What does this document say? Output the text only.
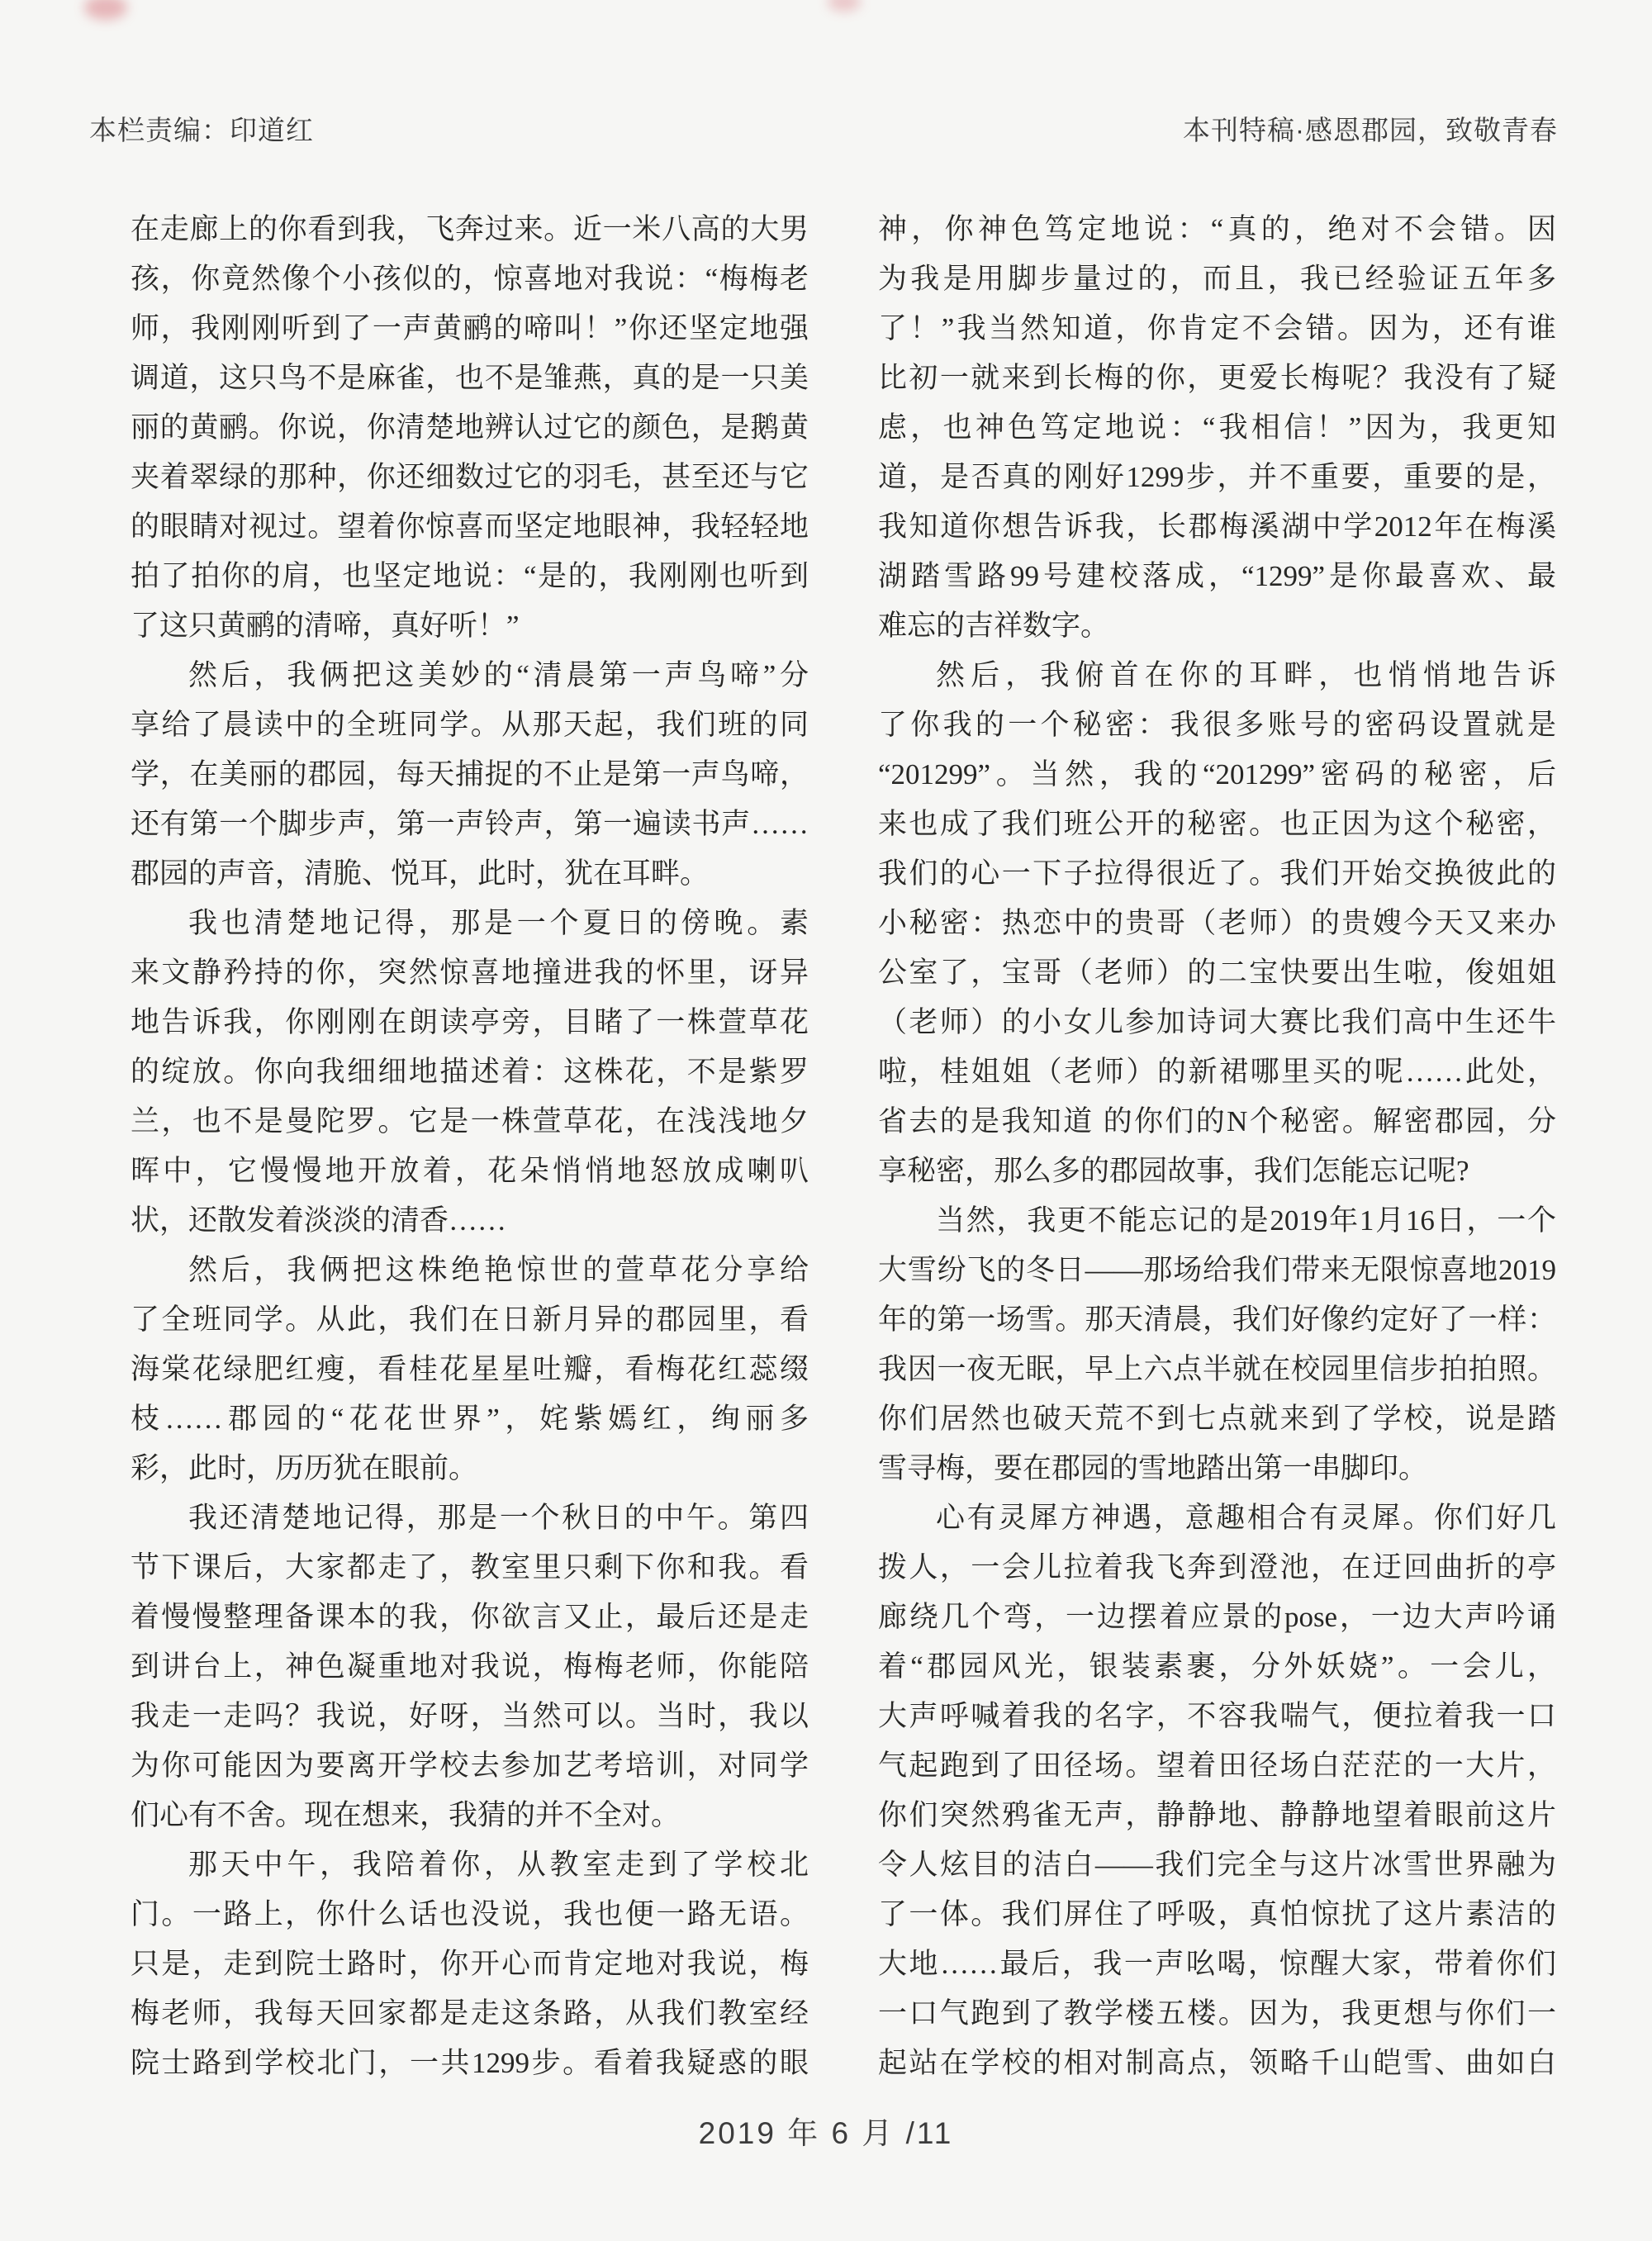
本栏责编：印道红	本刊特稿·感恩郡园，致敬青春
在走廊上的你看到我，飞奔过来。近一米八高的大男
孩，你竟然像个小孩似的，惊喜地对我说：“梅梅老
师，我刚刚听到了一声黄鹂的啼叫！”你还坚定地强
调道，这只鸟不是麻雀，也不是雏燕，真的是一只美
丽的黄鹂。你说，你清楚地辨认过它的颜色，是鹅黄
夹着翠绿的那种，你还细数过它的羽毛，甚至还与它
的眼睛对视过。望着你惊喜而坚定地眼神，我轻轻地
拍了拍你的肩，也坚定地说：“是的，我刚刚也听到
了这只黄鹂的清啼，真好听！”
然后，我俩把这美妙的“清晨第一声鸟啼”分
享给了晨读中的全班同学。从那天起，我们班的同
学，在美丽的郡园，每天捕捉的不止是第一声鸟啼，
还有第一个脚步声，第一声铃声，第一遍读书声……
郡园的声音，清脆、悦耳，此时，犹在耳畔。
我也清楚地记得，那是一个夏日的傍晚。素
来文静矜持的你，突然惊喜地撞进我的怀里，讶异
地告诉我，你刚刚在朗读亭旁，目睹了一株萱草花
的绽放。你向我细细地描述着：这株花，不是紫罗
兰，也不是曼陀罗。它是一株萱草花，在浅浅地夕
晖中，它慢慢地开放着，花朵悄悄地怒放成喇叭
状，还散发着淡淡的清香……
然后，我俩把这株绝艳惊世的萱草花分享给
了全班同学。从此，我们在日新月异的郡园里，看
海棠花绿肥红瘦，看桂花星星吐瓣，看梅花红蕊缀
枝……郡园的“花花世界”，姹紫嫣红，绚丽多
彩，此时，历历犹在眼前。
我还清楚地记得，那是一个秋日的中午。第四
节下课后，大家都走了，教室里只剩下你和我。看
着慢慢整理备课本的我，你欲言又止，最后还是走
到讲台上，神色凝重地对我说，梅梅老师，你能陪
我走一走吗？我说，好呀，当然可以。当时，我以
为你可能因为要离开学校去参加艺考培训，对同学
们心有不舍。现在想来，我猜的并不全对。
那天中午，我陪着你，从教室走到了学校北
门。一路上，你什么话也没说，我也便一路无语。
只是，走到院士路时，你开心而肯定地对我说，梅
梅老师，我每天回家都是走这条路，从我们教室经
院士路到学校北门，一共1299步。看着我疑惑的眼
神，你神色笃定地说：“真的，绝对不会错。因
为我是用脚步量过的，而且，我已经验证五年多
了！”我当然知道，你肯定不会错。因为，还有谁
比初一就来到长梅的你，更爱长梅呢？我没有了疑
虑，也神色笃定地说：“我相信！”因为，我更知
道，是否真的刚好1299步，并不重要，重要的是，
我知道你想告诉我，长郡梅溪湖中学2012年在梅溪
湖踏雪路99号建校落成，“1299”是你最喜欢、最
难忘的吉祥数字。
然后，我俯首在你的耳畔，也悄悄地告诉
了你我的一个秘密：我很多账号的密码设置就是
“201299”。当然，我的“201299”密码的秘密，后
来也成了我们班公开的秘密。也正因为这个秘密，
我们的心一下子拉得很近了。我们开始交换彼此的
小秘密：热恋中的贵哥（老师）的贵嫂今天又来办
公室了，宝哥（老师）的二宝快要出生啦，俊姐姐
（老师）的小女儿参加诗词大赛比我们高中生还牛
啦，桂姐姐（老师）的新裙哪里买的呢……此处，
省去的是我知道 的你们的N个秘密。解密郡园，分
享秘密，那么多的郡园故事，我们怎能忘记呢?
当然，我更不能忘记的是2019年1月16日，一个
大雪纷飞的冬日——那场给我们带来无限惊喜地2019
年的第一场雪。那天清晨，我们好像约定好了一样：
我因一夜无眠，早上六点半就在校园里信步拍拍照。
你们居然也破天荒不到七点就来到了学校，说是踏
雪寻梅，要在郡园的雪地踏出第一串脚印。
心有灵犀方神遇，意趣相合有灵犀。你们好几
拨人，一会儿拉着我飞奔到澄池，在迂回曲折的亭
廊绕几个弯，一边摆着应景的pose，一边大声吟诵
着“郡园风光，银装素裹，分外妖娆”。一会儿，
大声呼喊着我的名字，不容我喘气，便拉着我一口
气起跑到了田径场。望着田径场白茫茫的一大片，
你们突然鸦雀无声，静静地、静静地望着眼前这片
令人炫目的洁白——我们完全与这片冰雪世界融为
了一体。我们屏住了呼吸，真怕惊扰了这片素洁的
大地……最后，我一声吆喝，惊醒大家，带着你们
一口气跑到了教学楼五楼。因为，我更想与你们一
起站在学校的相对制高点，领略千山皑雪、曲如白
2019 年 6 月 /11
